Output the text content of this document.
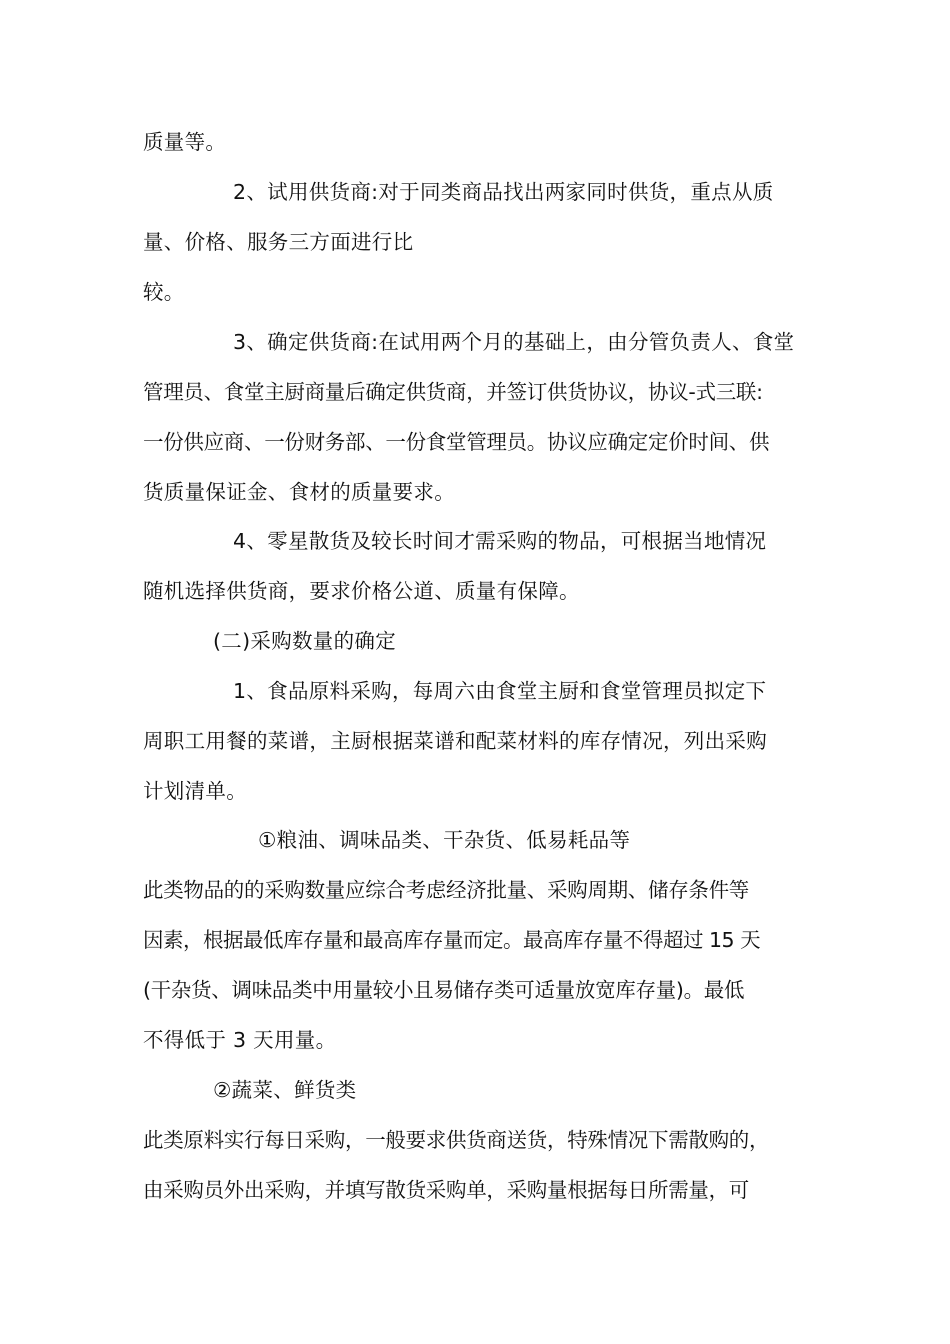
质量等。
2、试用供货商:对于同类商品找出两家同时供货，重点从质
量、价格、服务三方面进行比
较。
3、确定供货商:在试用两个月的基础上，由分管负责人、食堂
管理员、食堂主厨商量后确定供货商，并签订供货协议，协议-式三联:
一份供应商、一份财务部、一份食堂管理员。协议应确定定价时间、供
货质量保证金、食材的质量要求。
4、零星散货及较长时间才需采购的物品，可根据当地情况
随机选择供货商，要求价格公道、质量有保障。
(二)采购数量的确定
1、食品原料采购，每周六由食堂主厨和食堂管理员拟定下
周职工用餐的菜谱，主厨根据菜谱和配菜材料的库存情况，列出采购
计划清单。
①粮油、调味品类、干杂货、低易耗品等
此类物品的的采购数量应综合考虑经济批量、采购周期、储存条件等
因素，根据最低库存量和最高库存量而定。最高库存量不得超过 15 天
(干杂货、调味品类中用量较小且易储存类可适量放宽库存量)。最低
不得低于 3 天用量。
②蔬菜、鲜货类
此类原料实行每日采购，一般要求供货商送货，特殊情况下需散购的，
由采购员外出采购，并填写散货采购单，采购量根据每日所需量，可
